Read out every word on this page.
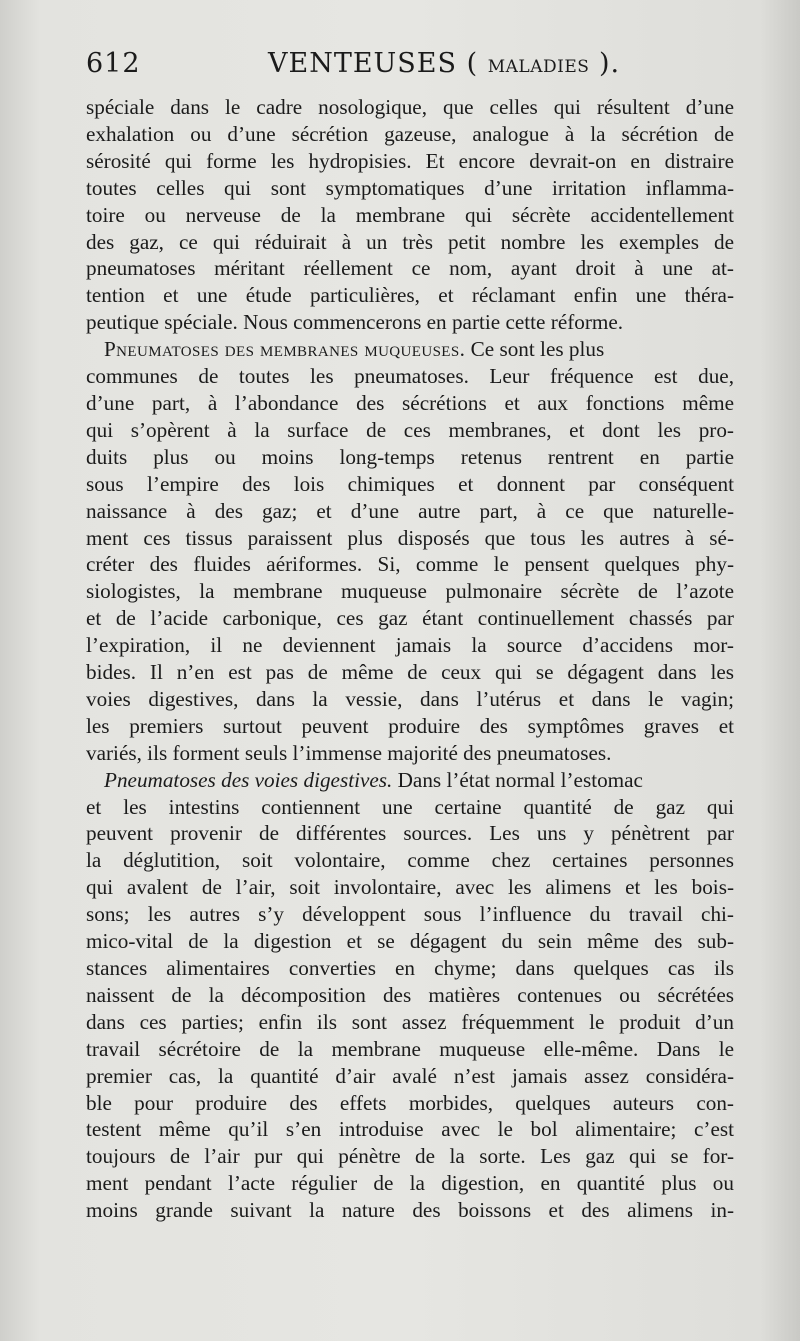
612	VENTEUSES ( MALADIES ).
spéciale dans le cadre nosologique, que celles qui résultent d’une
exhalation ou d’une sécrétion gazeuse, analogue à la sécrétion de
sérosité qui forme les hydropisies. Et encore devrait-on en distraire
toutes celles qui sont symptomatiques d’une irritation inflamma-
toire ou nerveuse de la membrane qui sécrète accidentellement
des gaz, ce qui réduirait à un très petit nombre les exemples de
pneumatoses méritant réellement ce nom, ayant droit à une at-
tention et une étude particulières, et réclamant enfin une théra-
peutique spéciale. Nous commencerons en partie cette réforme.
Pneumatoses des membranes muqueuses. Ce sont les plus
communes de toutes les pneumatoses. Leur fréquence est due,
d’une part, à l’abondance des sécrétions et aux fonctions même
qui s’opèrent à la surface de ces membranes, et dont les pro-
duits plus ou moins long-temps retenus rentrent en partie
sous l’empire des lois chimiques et donnent par conséquent
naissance à des gaz; et d’une autre part, à ce que naturelle-
ment ces tissus paraissent plus disposés que tous les autres à sé-
créter des fluides aériformes. Si, comme le pensent quelques phy-
siologistes, la membrane muqueuse pulmonaire sécrète de l’azote
et de l’acide carbonique, ces gaz étant continuellement chassés par
l’expiration, il ne deviennent jamais la source d’accidens mor-
bides. Il n’en est pas de même de ceux qui se dégagent dans les
voies digestives, dans la vessie, dans l’utérus et dans le vagin;
les premiers surtout peuvent produire des symptômes graves et
variés, ils forment seuls l’immense majorité des pneumatoses.
Pneumatoses des voies digestives. Dans l’état normal l’estomac
et les intestins contiennent une certaine quantité de gaz qui
peuvent provenir de différentes sources. Les uns y pénètrent par
la déglutition, soit volontaire, comme chez certaines personnes
qui avalent de l’air, soit involontaire, avec les alimens et les bois-
sons; les autres s’y développent sous l’influence du travail chi-
mico-vital de la digestion et se dégagent du sein même des sub-
stances alimentaires converties en chyme; dans quelques cas ils
naissent de la décomposition des matières contenues ou sécrétées
dans ces parties; enfin ils sont assez fréquemment le produit d’un
travail sécrétoire de la membrane muqueuse elle-même. Dans le
premier cas, la quantité d’air avalé n’est jamais assez considéra-
ble pour produire des effets morbides, quelques auteurs con-
testent même qu’il s’en introduise avec le bol alimentaire; c’est
toujours de l’air pur qui pénètre de la sorte. Les gaz qui se for-
ment pendant l’acte régulier de la digestion, en quantité plus ou
moins grande suivant la nature des boissons et des alimens in-
